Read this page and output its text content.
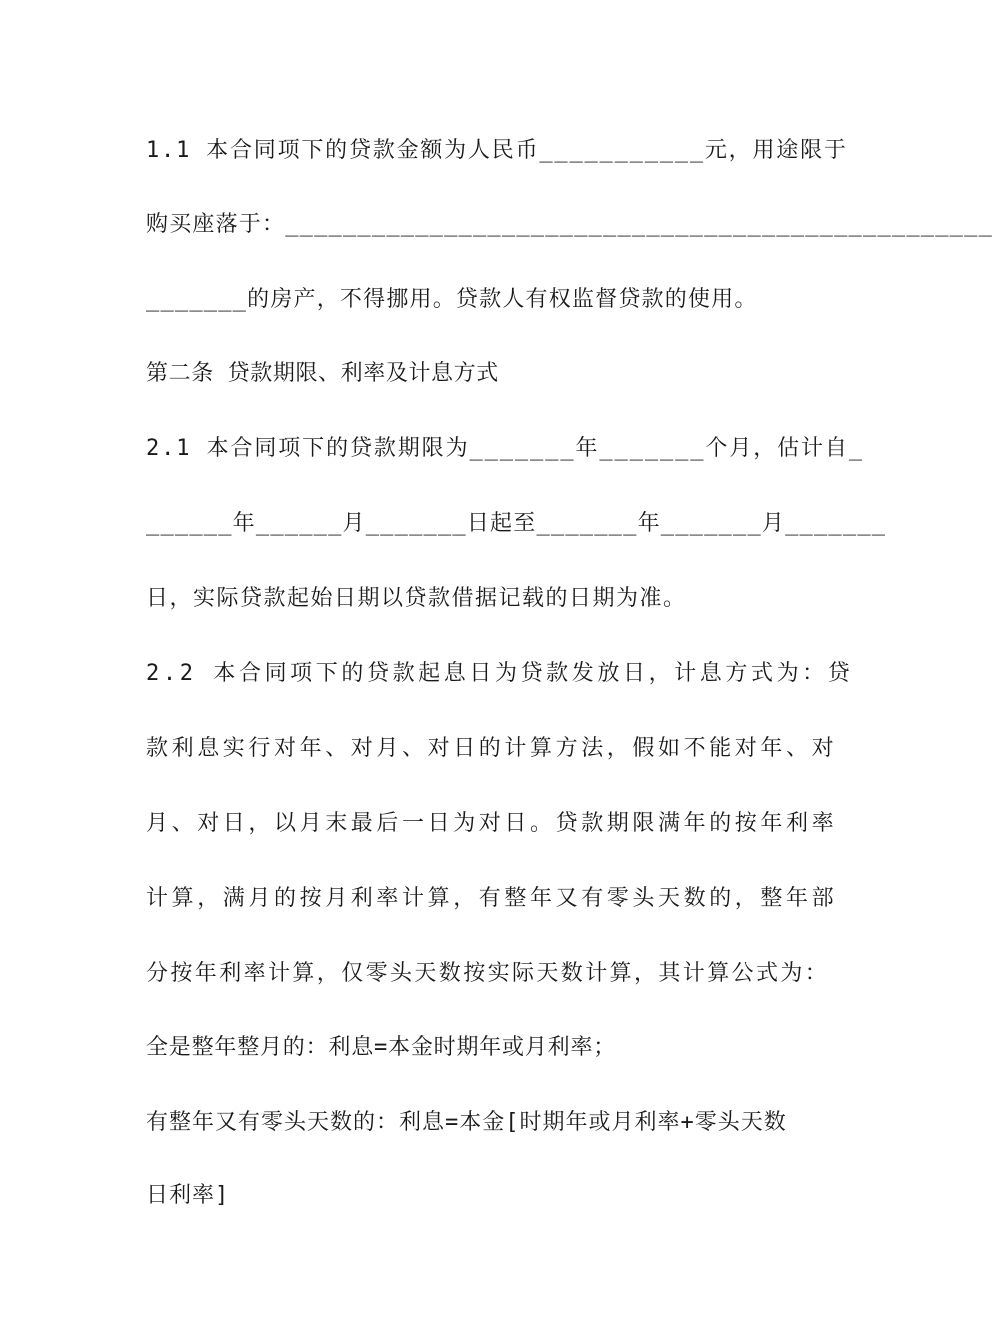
1.1 本合同项下的贷款金额为人民币___________元，用途限于
购买座落于：_________________________________________________
_______的房产，不得挪用。贷款人有权监督贷款的使用。
第二条 贷款期限、利率及计息方式
2.1 本合同项下的贷款期限为_______年_______个月，估计自_
______年______月_______日起至_______年_______月_______
日，实际贷款起始日期以贷款借据记载的日期为准。
2.2 本合同项下的贷款起息日为贷款发放日，计息方式为：贷
款利息实行对年、对月、对日的计算方法，假如不能对年、对
月、对日，以月末最后一日为对日。贷款期限满年的按年利率
计算，满月的按月利率计算，有整年又有零头天数的，整年部
分按年利率计算，仅零头天数按实际天数计算，其计算公式为：
全是整年整月的：利息=本金时期年或月利率；
有整年又有零头天数的：利息=本金[时期年或月利率+零头天数
日利率]
